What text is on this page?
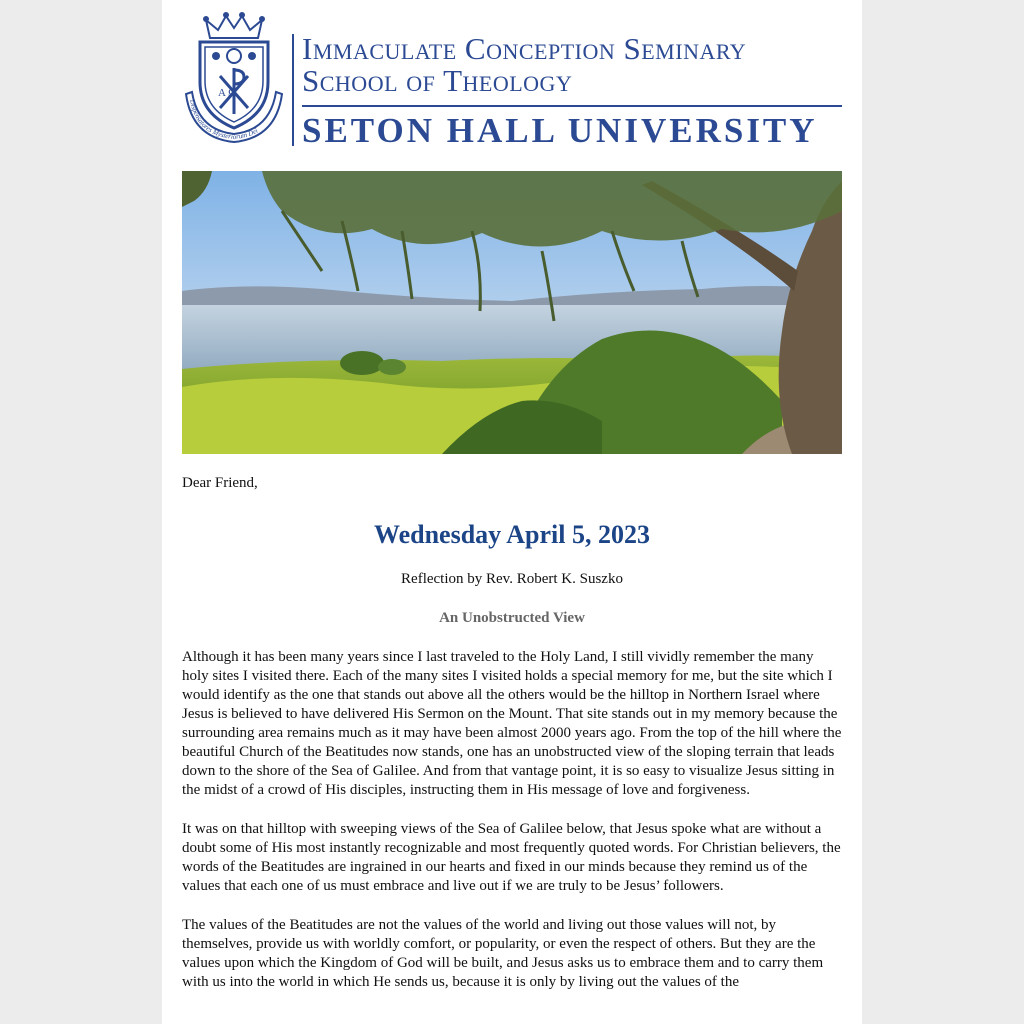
A Ω
Dispensatores Mysteriorum Dei
Immaculate Conception Seminary
School of Theology
SETON HALL UNIVERSITY

Dear Friend,

Wednesday April 5, 2023

Reflection by Rev. Robert K. Suszko

An Unobstructed View

Although it has been many years since I last traveled to the Holy Land, I still vividly remember the many holy sites I visited there. Each of the many sites I visited holds a special memory for me, but the site which I would identify as the one that stands out above all the others would be the hilltop in Northern Israel where Jesus is believed to have delivered His Sermon on the Mount. That site stands out in my memory because the surrounding area remains much as it may have been almost 2000 years ago. From the top of the hill where the beautiful Church of the Beatitudes now stands, one has an unobstructed view of the sloping terrain that leads down to the shore of the Sea of Galilee. And from that vantage point, it is so easy to visualize Jesus sitting in the midst of a crowd of His disciples, instructing them in His message of love and forgiveness.

It was on that hilltop with sweeping views of the Sea of Galilee below, that Jesus spoke what are without a doubt some of His most instantly recognizable and most frequently quoted words. For Christian believers, the words of the Beatitudes are ingrained in our hearts and fixed in our minds because they remind us of the values that each one of us must embrace and live out if we are truly to be Jesus’ followers.

The values of the Beatitudes are not the values of the world and living out those values will not, by themselves, provide us with worldly comfort, or popularity, or even the respect of others. But they are the values upon which the Kingdom of God will be built, and Jesus asks us to embrace them and to carry them with us into the world in which He sends us, because it is only by living out the values of the
